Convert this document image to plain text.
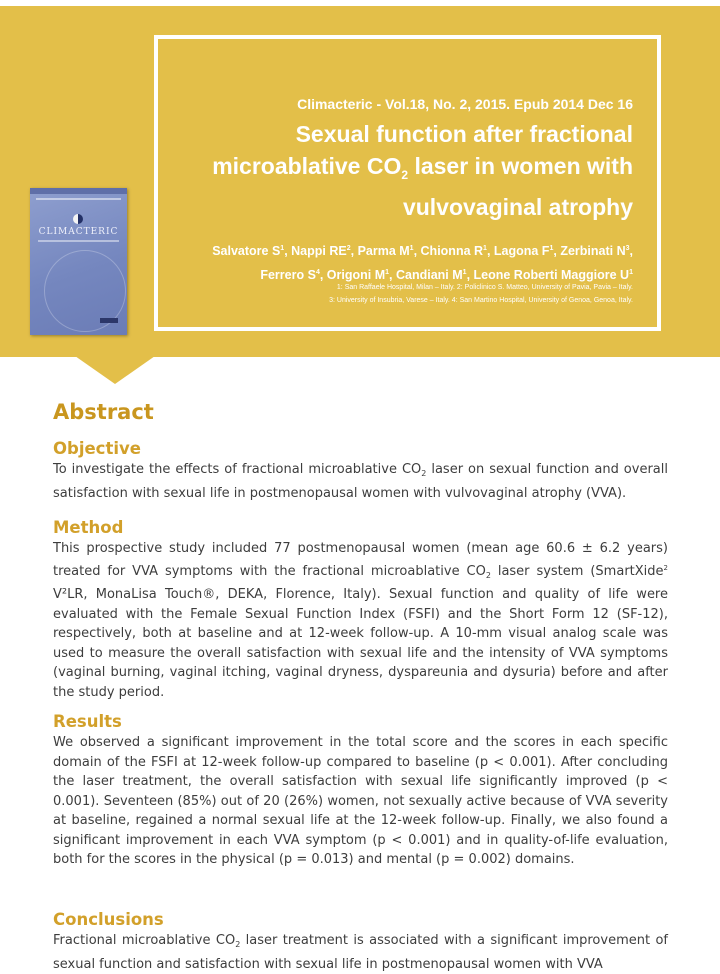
CLIMACTERIC
Climacteric - Vol.18, No. 2, 2015. Epub 2014 Dec 16
Sexual function after fractional
microablative $CO_2$ laser in women with
vulvovaginal atrophy
Salvatore $S^1$, Nappi $RE^2$, Parma $M^1$, Chionna $R^1$, Lagona $F^1$, Zerbinati $N^3$, Ferrero $S^4$, Origoni $M^1$, Candiani $M^1$, Leone Roberti Maggiore $U^1$
1: San Raffaele Hospital, Milan – Italy. 2: Policlinico S. Matteo, University of Pavia, Pavia – Italy.
3: University of Insubria, Varese – Italy. 4: San Martino Hospital, University of Genoa, Genoa, Italy.
Abstract
Objective
To investigate the effects of fractional microablative $CO_2$ laser on sexual function and overall satisfaction with sexual life in postmenopausal women with vulvovaginal atrophy (VVA).
Method
This prospective study included 77 postmenopausal women (mean age 60.6 ± 6.2 years) treated for VVA symptoms with the fractional microablative $CO_2$ laser system (SmartXide$^2$ V²LR, MonaLisa Touch®, DEKA, Florence, Italy). Sexual function and quality of life were evaluated with the Female Sexual Function Index (FSFI) and the Short Form 12 (SF-12), respectively, both at baseline and at 12-week follow-up. A 10-mm visual analog scale was used to measure the overall satisfaction with sexual life and the intensity of VVA symptoms (vaginal burning, vaginal itching, vaginal dryness, dyspareunia and dysuria) before and after the study period.
Results
We observed a significant improvement in the total score and the scores in each specific domain of the FSFI at 12-week follow-up compared to baseline (p < 0.001). After concluding the laser treatment, the overall satisfaction with sexual life significantly improved (p < 0.001). Seventeen (85%) out of 20 (26%) women, not sexually active because of VVA severity at baseline, regained a normal sexual life at the 12-week follow-up. Finally, we also found a significant improvement in each VVA symptom (p < 0.001) and in quality-of-life evaluation, both for the scores in the physical (p = 0.013) and mental (p = 0.002) domains.
Conclusions
Fractional microablative $CO_2$ laser treatment is associated with a significant improvement of sexual function and satisfaction with sexual life in postmenopausal women with VVA
